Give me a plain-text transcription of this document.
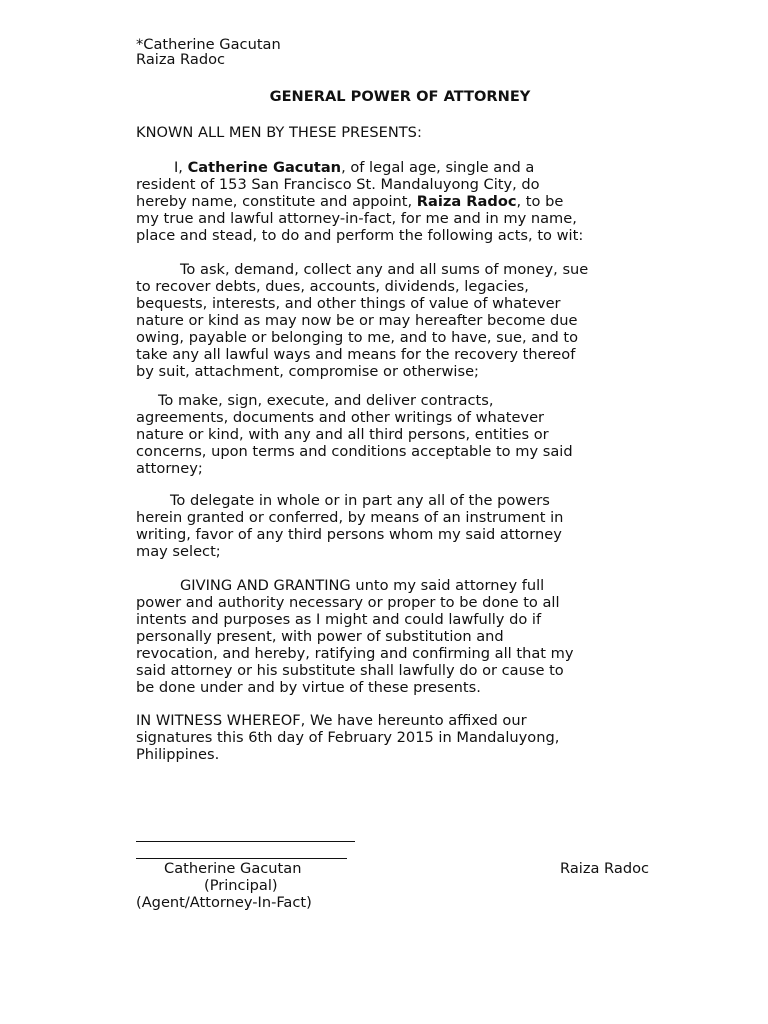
*Catherine Gacutan
Raiza Radoc
GENERAL POWER OF ATTORNEY
KNOWN ALL MEN BY THESE PRESENTS:
I, Catherine Gacutan, of legal age, single and a
resident of 153 San Francisco St. Mandaluyong City, do
hereby name, constitute and appoint, Raiza Radoc, to be
my true and lawful attorney-in-fact, for me and in my name,
place and stead, to do and perform the following acts, to wit:
To ask, demand, collect any and all sums of money, sue
to recover debts, dues, accounts, dividends, legacies,
bequests, interests, and other things of value of whatever
nature or kind as may now be or may hereafter become due
owing, payable or belonging to me, and to have, sue, and to
take any all lawful ways and means for the recovery thereof
by suit, attachment, compromise or otherwise;
To make, sign, execute, and deliver contracts,
agreements, documents and other writings of whatever
nature or kind, with any and all third persons, entities or
concerns, upon terms and conditions acceptable to my said
attorney;
To delegate in whole or in part any all of the powers
herein granted or conferred, by means of an instrument in
writing, favor of any third persons whom my said attorney
may select;
GIVING AND GRANTING unto my said attorney full
power and authority necessary or proper to be done to all
intents and purposes as I might and could lawfully do if
personally present, with power of substitution and
revocation, and hereby, ratifying and confirming all that my
said attorney or his substitute shall lawfully do or cause to
be done under and by virtue of these presents.
IN WITNESS WHEREOF, We have hereunto affixed our
signatures this 6th day of February 2015 in Mandaluyong,
Philippines.
Catherine Gacutan	Raiza Radoc
(Principal)
(Agent/Attorney-In-Fact)
